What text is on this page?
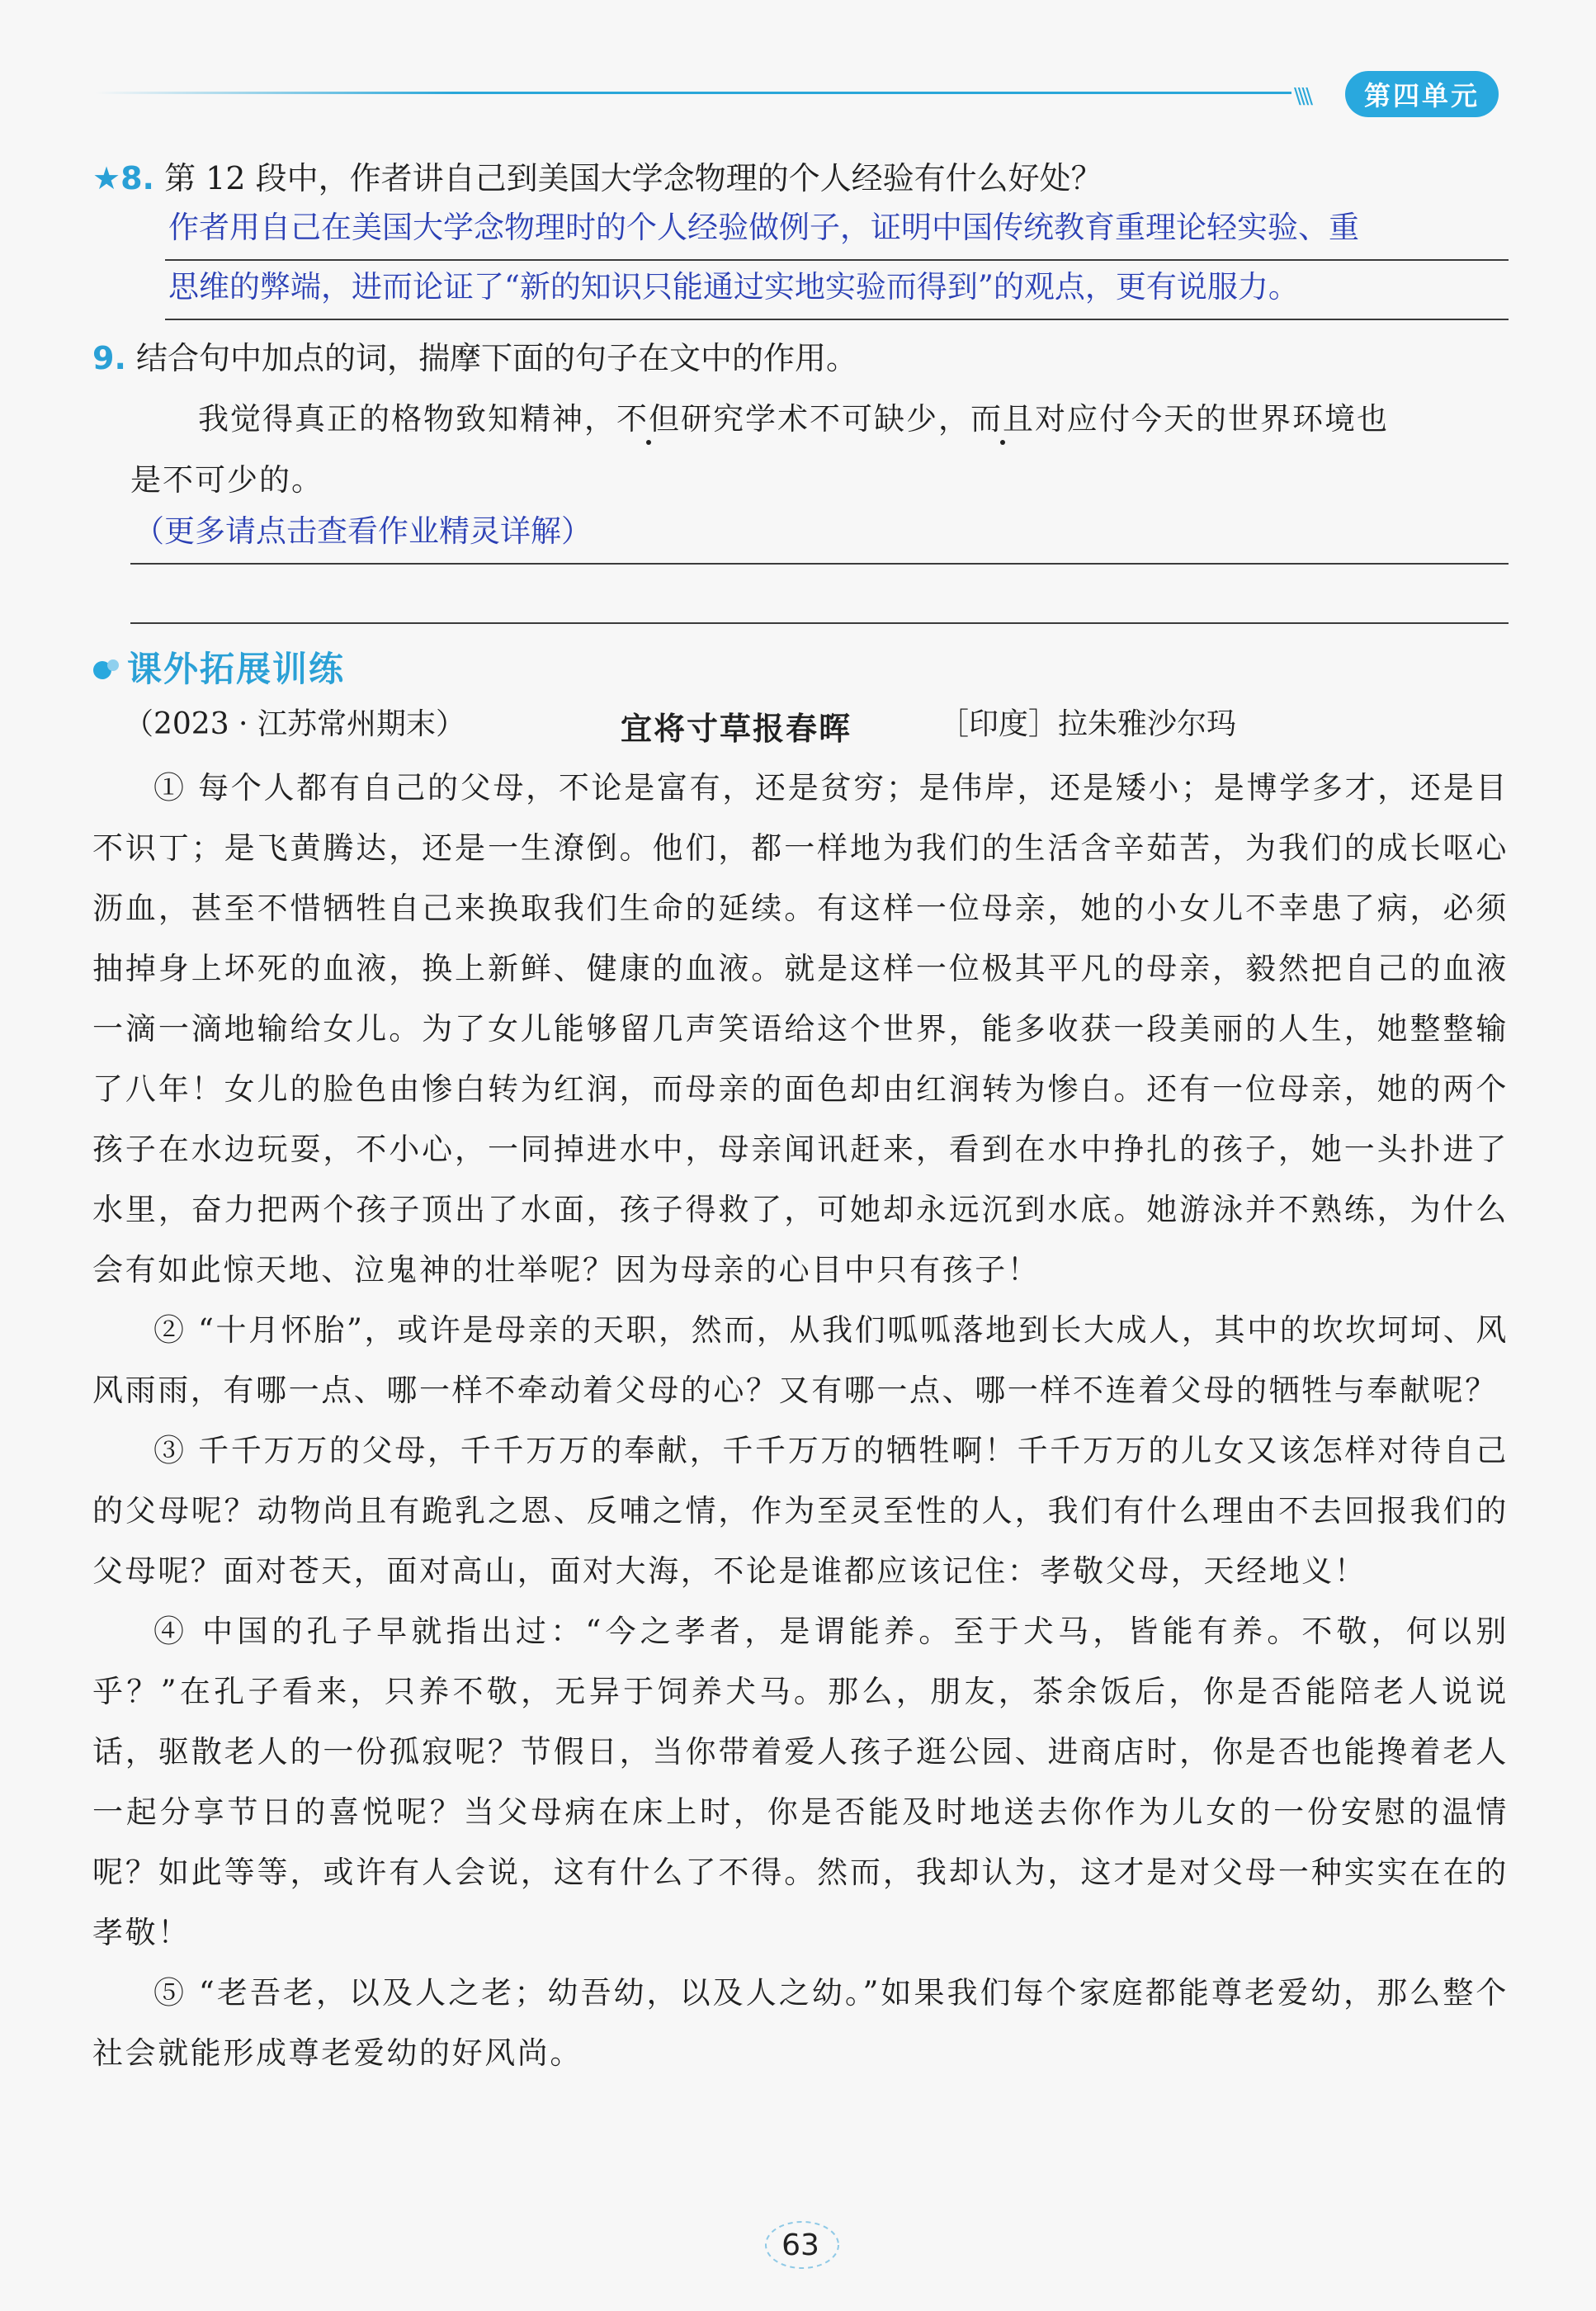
\\\\	第四单元
★8. 第 12 段中，作者讲自己到美国大学念物理的个人经验有什么好处？
作者用自己在美国大学念物理时的个人经验做例子，证明中国传统教育重理论轻实验、重
思维的弊端，进而论证了“新的知识只能通过实地实验而得到”的观点，更有说服力。
9. 结合句中加点的词，揣摩下面的句子在文中的作用。
我觉得真正的格物致知精神，不但研究学术不可缺少，而且对应付今天的世界环境也
是不可少的。
（更多请点击查看作业精灵详解）
课外拓展训练
（2023 · 江苏常州期末）	宜将寸草报春晖	［印度］拉朱雅沙尔玛

① 每个人都有自己的父母，不论是富有，还是贫穷；是伟岸，还是矮小；是博学多才，还是目不识丁；是飞黄腾达，还是一生潦倒。他们，都一样地为我们的生活含辛茹苦，为我们的成长呕心沥血，甚至不惜牺牲自己来换取我们生命的延续。有这样一位母亲，她的小女儿不幸患了病，必须抽掉身上坏死的血液，换上新鲜、健康的血液。就是这样一位极其平凡的母亲，毅然把自己的血液一滴一滴地输给女儿。为了女儿能够留几声笑语给这个世界，能多收获一段美丽的人生，她整整输了八年！女儿的脸色由惨白转为红润，而母亲的面色却由红润转为惨白。还有一位母亲，她的两个孩子在水边玩耍，不小心，一同掉进水中，母亲闻讯赶来，看到在水中挣扎的孩子，她一头扑进了水里，奋力把两个孩子顶出了水面，孩子得救了，可她却永远沉到水底。她游泳并不熟练，为什么会有如此惊天地、泣鬼神的壮举呢？因为母亲的心目中只有孩子！

② “十月怀胎”，或许是母亲的天职，然而，从我们呱呱落地到长大成人，其中的坎坎坷坷、风风雨雨，有哪一点、哪一样不牵动着父母的心？又有哪一点、哪一样不连着父母的牺牲与奉献呢？

③ 千千万万的父母，千千万万的奉献，千千万万的牺牲啊！千千万万的儿女又该怎样对待自己的父母呢？动物尚且有跪乳之恩、反哺之情，作为至灵至性的人，我们有什么理由不去回报我们的父母呢？面对苍天，面对高山，面对大海，不论是谁都应该记住：孝敬父母，天经地义！

④ 中国的孔子早就指出过：“今之孝者，是谓能养。至于犬马，皆能有养。不敬，何以别乎？”在孔子看来，只养不敬，无异于饲养犬马。那么，朋友，茶余饭后，你是否能陪老人说说话，驱散老人的一份孤寂呢？节假日，当你带着爱人孩子逛公园、进商店时，你是否也能搀着老人一起分享节日的喜悦呢？当父母病在床上时，你是否能及时地送去你作为儿女的一份安慰的温情呢？如此等等，或许有人会说，这有什么了不得。然而，我却认为，这才是对父母一种实实在在的孝敬！

⑤ “老吾老，以及人之老；幼吾幼，以及人之幼。”如果我们每个家庭都能尊老爱幼，那么整个社会就能形成尊老爱幼的好风尚。

63
